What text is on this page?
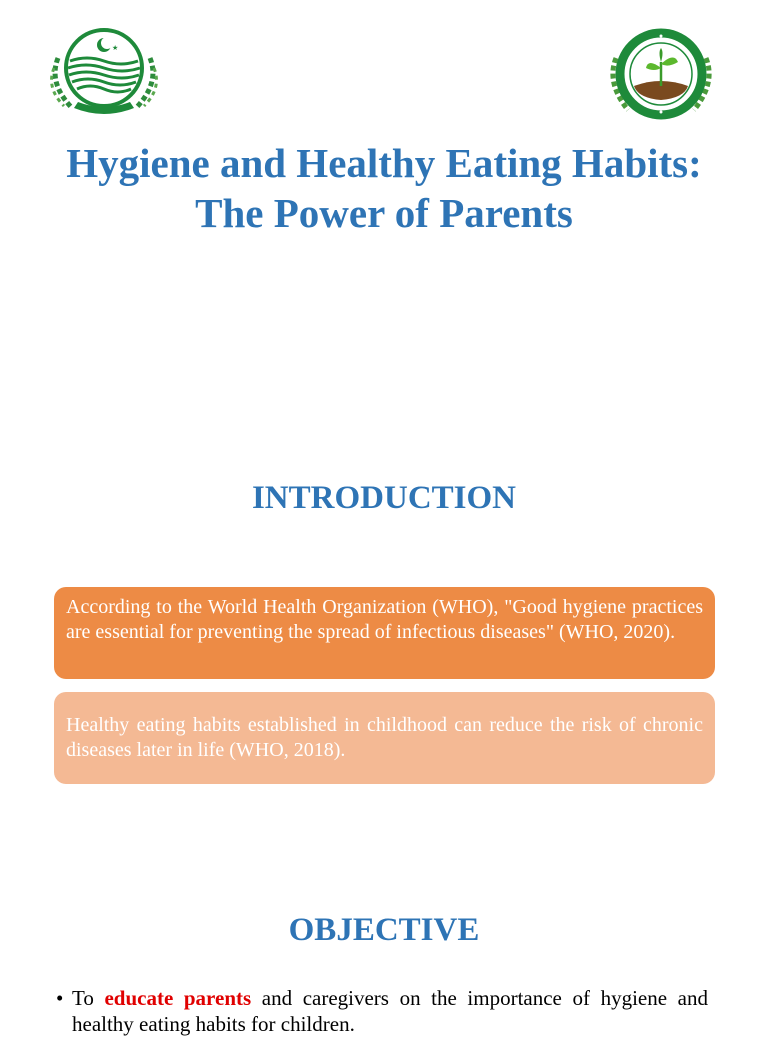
★
Hygiene and Healthy Eating Habits: The Power of Parents
INTRODUCTION
According to the World Health Organization (WHO), "Good hygiene practices are essential for preventing the spread of infectious diseases" (WHO, 2020).
Healthy eating habits established in childhood can reduce the risk of chronic diseases later in life (WHO, 2018).
OBJECTIVE
• To educate parents and caregivers on the importance of hygiene and healthy eating habits for children.
